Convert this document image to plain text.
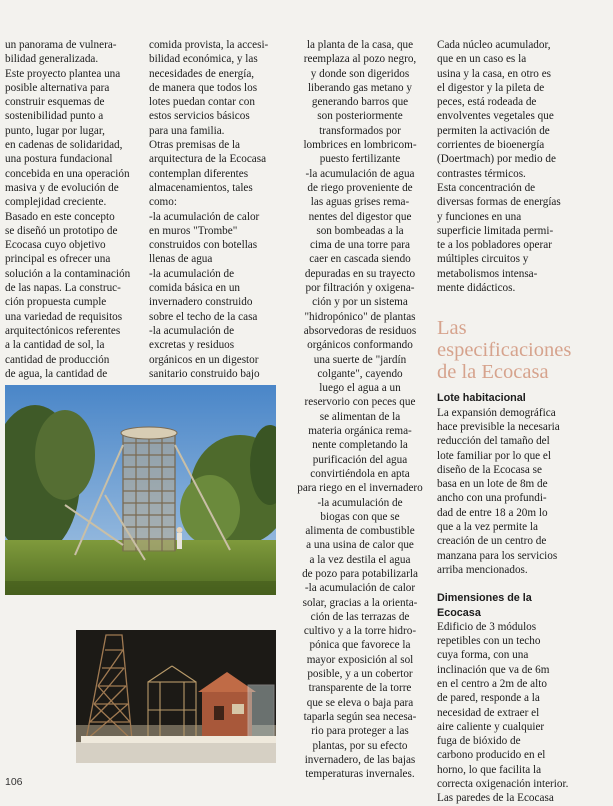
un panorama de vulnera-
bilidad generalizada.
Este proyecto plantea una
posible alternativa para
construir esquemas de
sostenibilidad punto a
punto, lugar por lugar,
en cadenas de solidaridad,
una postura fundacional
concebida en una operación
masiva y de evolución de
complejidad creciente.
Basado en este concepto
se diseñó un prototipo de
Ecocasa cuyo objetivo
principal es ofrecer una
solución a la contaminación
de las napas. La construc-
ción propuesta cumple
una variedad de requisitos
arquitectónicos referentes
a la cantidad de sol, la
cantidad de producción
de agua, la cantidad de
comida provista, la accesi-
bilidad económica, y las
necesidades de energía,
de manera que todos los
lotes puedan contar con
estos servicios básicos
para una familia.
Otras premisas de la
arquitectura de la Ecocasa
contemplan diferentes
almacenamientos, tales
como:
-la acumulación de calor
en muros "Trombe"
construidos con botellas
llenas de agua
-la acumulación de
comida básica en un
invernadero construido
sobre el techo de la casa
-la acumulación de
excretas y residuos
orgánicos en un digestor
sanitario construido bajo
la planta de la casa, que
reemplaza al pozo negro,
y donde son digeridos
liberando gas metano y
generando barros que
son posteriormente
transformados por
lombrices en lombricom-
puesto fertilizante
-la acumulación de agua
de riego proveniente de
las aguas grises rema-
nentes del digestor que
son bombeadas a la
cima de una torre para
caer en cascada siendo
depuradas en su trayecto
por filtración y oxigena-
ción y por un sistema
"hidropónico" de plantas
absorvedoras de residuos
orgánicos conformando
una suerte de "jardín
colgante", cayendo
luego el agua a un
reservorio con peces que
se alimentan de la
materia orgánica rema-
nente completando la
purificación del agua
convirtiéndola en apta
para riego en el invernadero
-la acumulación de
biogas con que se
alimenta de combustible
a una usina de calor que
a la vez destila el agua
de pozo para potabilizarla
-la acumulación de calor
solar, gracias a la orienta-
ción de las terrazas de
cultivo y a la torre hidro-
pónica que favorece la
mayor exposición al sol
posible, y a un cobertor
transparente de la torre
que se eleva o baja para
taparla según sea necesa-
rio para proteger a las
plantas, por su efecto
invernadero, de las bajas
temperaturas invernales.
Cada núcleo acumulador,
que en un caso es la
usina y la casa, en otro es
el digestor y la pileta de
peces, está rodeada de
envolventes vegetales que
permiten la activación de
corrientes de bioenergía
(Doertmach) por medio de
contrastes térmicos.
Esta concentración de
diversas formas de energías
y funciones en una
superficie limitada permi-
te a los pobladores operar
múltiples circuitos y
metabolismos intensa-
mente didácticos.
Las
especificaciones
de la Ecocasa
Lote habitacional
La expansión demográfica
hace previsible la necesaria
reducción del tamaño del
lote familiar por lo que el
diseño de la Ecocasa se
basa en un lote de 8m de
ancho con una profundi-
dad de entre 18 a 20m lo
que a la vez permite la
creación de un centro de
manzana para los servicios
arriba mencionados.
Dimensiones de la Ecocasa
Edificio de 3 módulos
repetibles con un techo
cuya forma, con una
inclinación que va de 6m
en el centro a 2m de alto
de pared, responde a la
necesidad de extraer el
aire caliente y cualquier
fuga de bióxido de
carbono producido en el
horno, lo que facilita la
correcta oxigenación interior.
Las paredes de la Ecocasa
106
